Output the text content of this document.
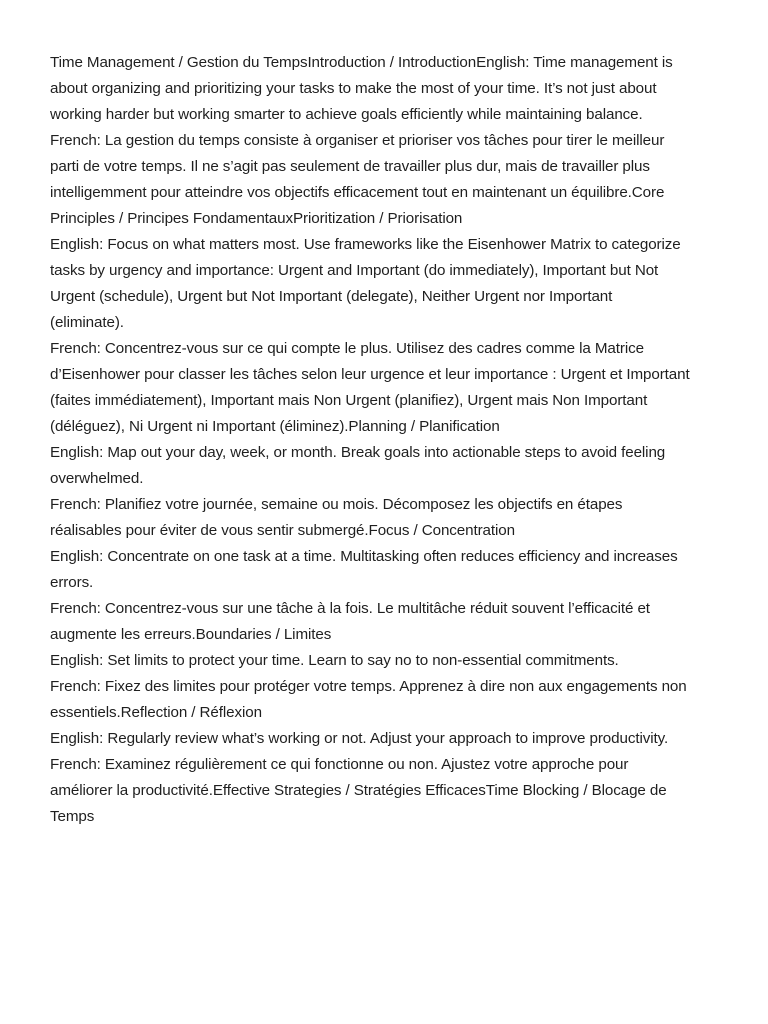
Time Management / Gestion du TempsIntroduction / IntroductionEnglish: Time management is about organizing and prioritizing your tasks to make the most of your time. It’s not just about working harder but working smarter to achieve goals efficiently while maintaining balance.

French: La gestion du temps consiste à organiser et prioriser vos tâches pour tirer le meilleur parti de votre temps. Il ne s’agit pas seulement de travailler plus dur, mais de travailler plus intelligemment pour atteindre vos objectifs efficacement tout en maintenant un équilibre.Core Principles / Principes FondamentauxPrioritization / Priorisation

English: Focus on what matters most. Use frameworks like the Eisenhower Matrix to categorize tasks by urgency and importance: Urgent and Important (do immediately), Important but Not Urgent (schedule), Urgent but Not Important (delegate), Neither Urgent nor Important (eliminate).

French: Concentrez-vous sur ce qui compte le plus. Utilisez des cadres comme la Matrice d’Eisenhower pour classer les tâches selon leur urgence et leur importance : Urgent et Important (faites immédiatement), Important mais Non Urgent (planifiez), Urgent mais Non Important (déléguez), Ni Urgent ni Important (éliminez).Planning / Planification

English: Map out your day, week, or month. Break goals into actionable steps to avoid feeling overwhelmed.

French: Planifiez votre journée, semaine ou mois. Décomposez les objectifs en étapes réalisables pour éviter de vous sentir submergé.Focus / Concentration

English: Concentrate on one task at a time. Multitasking often reduces efficiency and increases errors.

French: Concentrez-vous sur une tâche à la fois. Le multitâche réduit souvent l’efficacité et augmente les erreurs.Boundaries / Limites

English: Set limits to protect your time. Learn to say no to non-essential commitments.

French: Fixez des limites pour protéger votre temps. Apprenez à dire non aux engagements non essentiels.Reflection / Réflexion

English: Regularly review what’s working or not. Adjust your approach to improve productivity.

French: Examinez régulièrement ce qui fonctionne ou non. Ajustez votre approche pour améliorer la productivité.Effective Strategies / Stratégies EfficacesTime Blocking / Blocage de Temps
